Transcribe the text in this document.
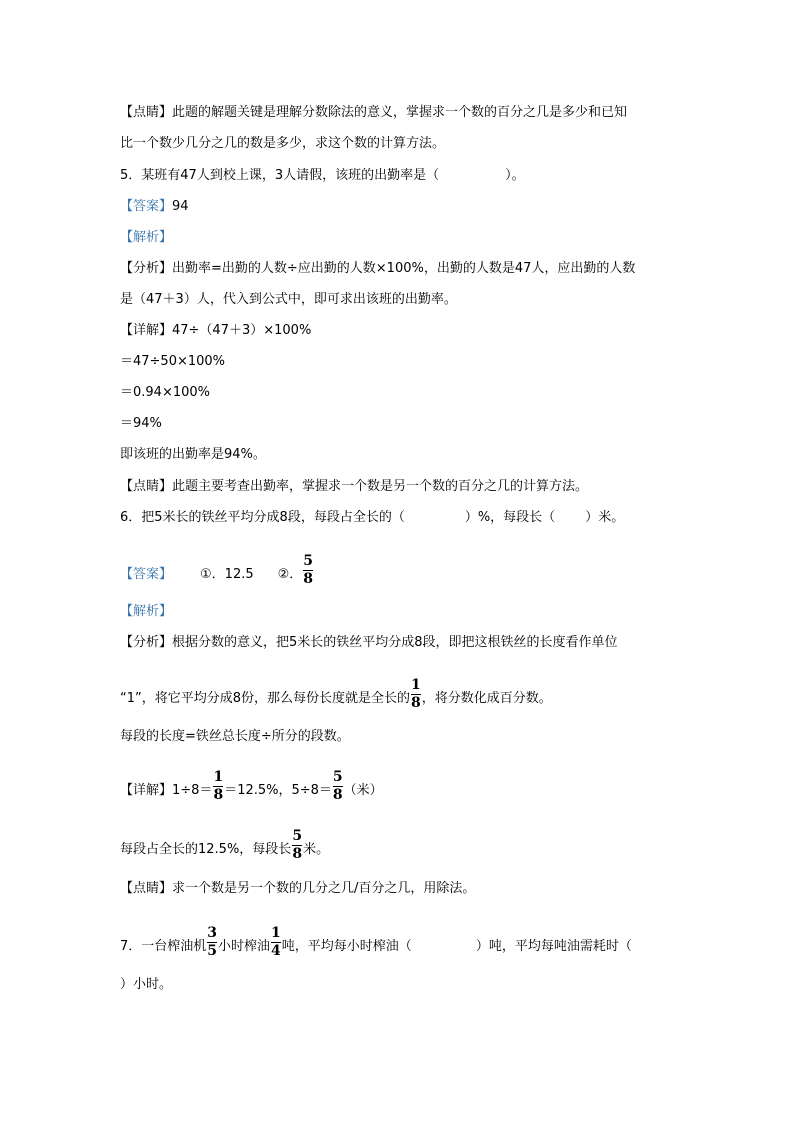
【点睛】此题的解题关键是理解分数除法的意义，掌握求一个数的百分之几是多少和已知
比一个数少几分之几的数是多少，求这个数的计算方法。
5．某班有47人到校上课，3人请假，该班的出勤率是（	）。
【答案】94
【解析】
【分析】出勤率=出勤的人数÷应出勤的人数×100%，出勤的人数是47人，应出勤的人数
是（47＋3）人，代入到公式中，即可求出该班的出勤率。
【详解】47÷（47＋3）×100%
＝47÷50×100%
＝0.94×100%
＝94%
即该班的出勤率是94%。
【点睛】此题主要考查出勤率，掌握求一个数是另一个数的百分之几的计算方法。
6．把5米长的铁丝平均分成8段，每段占全长的（	）%，每段长（ ）米。
【答案】 ①．12.5 ②． $\frac{5}{8}$
【解析】
【分析】根据分数的意义，把5米长的铁丝平均分成8段，即把这根铁丝的长度看作单位
“1”，将它平均分成8份，那么每份长度就是全长的 $\frac{1}{8}$ ，将分数化成百分数。
每段的长度=铁丝总长度÷所分的段数。
【详解】$1\div 8= \frac{1}{8} =12.5\%$，$5\div 8= \frac{5}{8}$ （米）
每段占全长的12.5%，每段长 $\frac{5}{8}$ 米。
【点睛】求一个数是另一个数的几分之几/百分之几，用除法。
7．一台榨油机 $\frac{3}{5}$ 小时榨油 $\frac{1}{4}$ 吨，平均每小时榨油（	）吨，平均每吨油需耗时（
）小时。
